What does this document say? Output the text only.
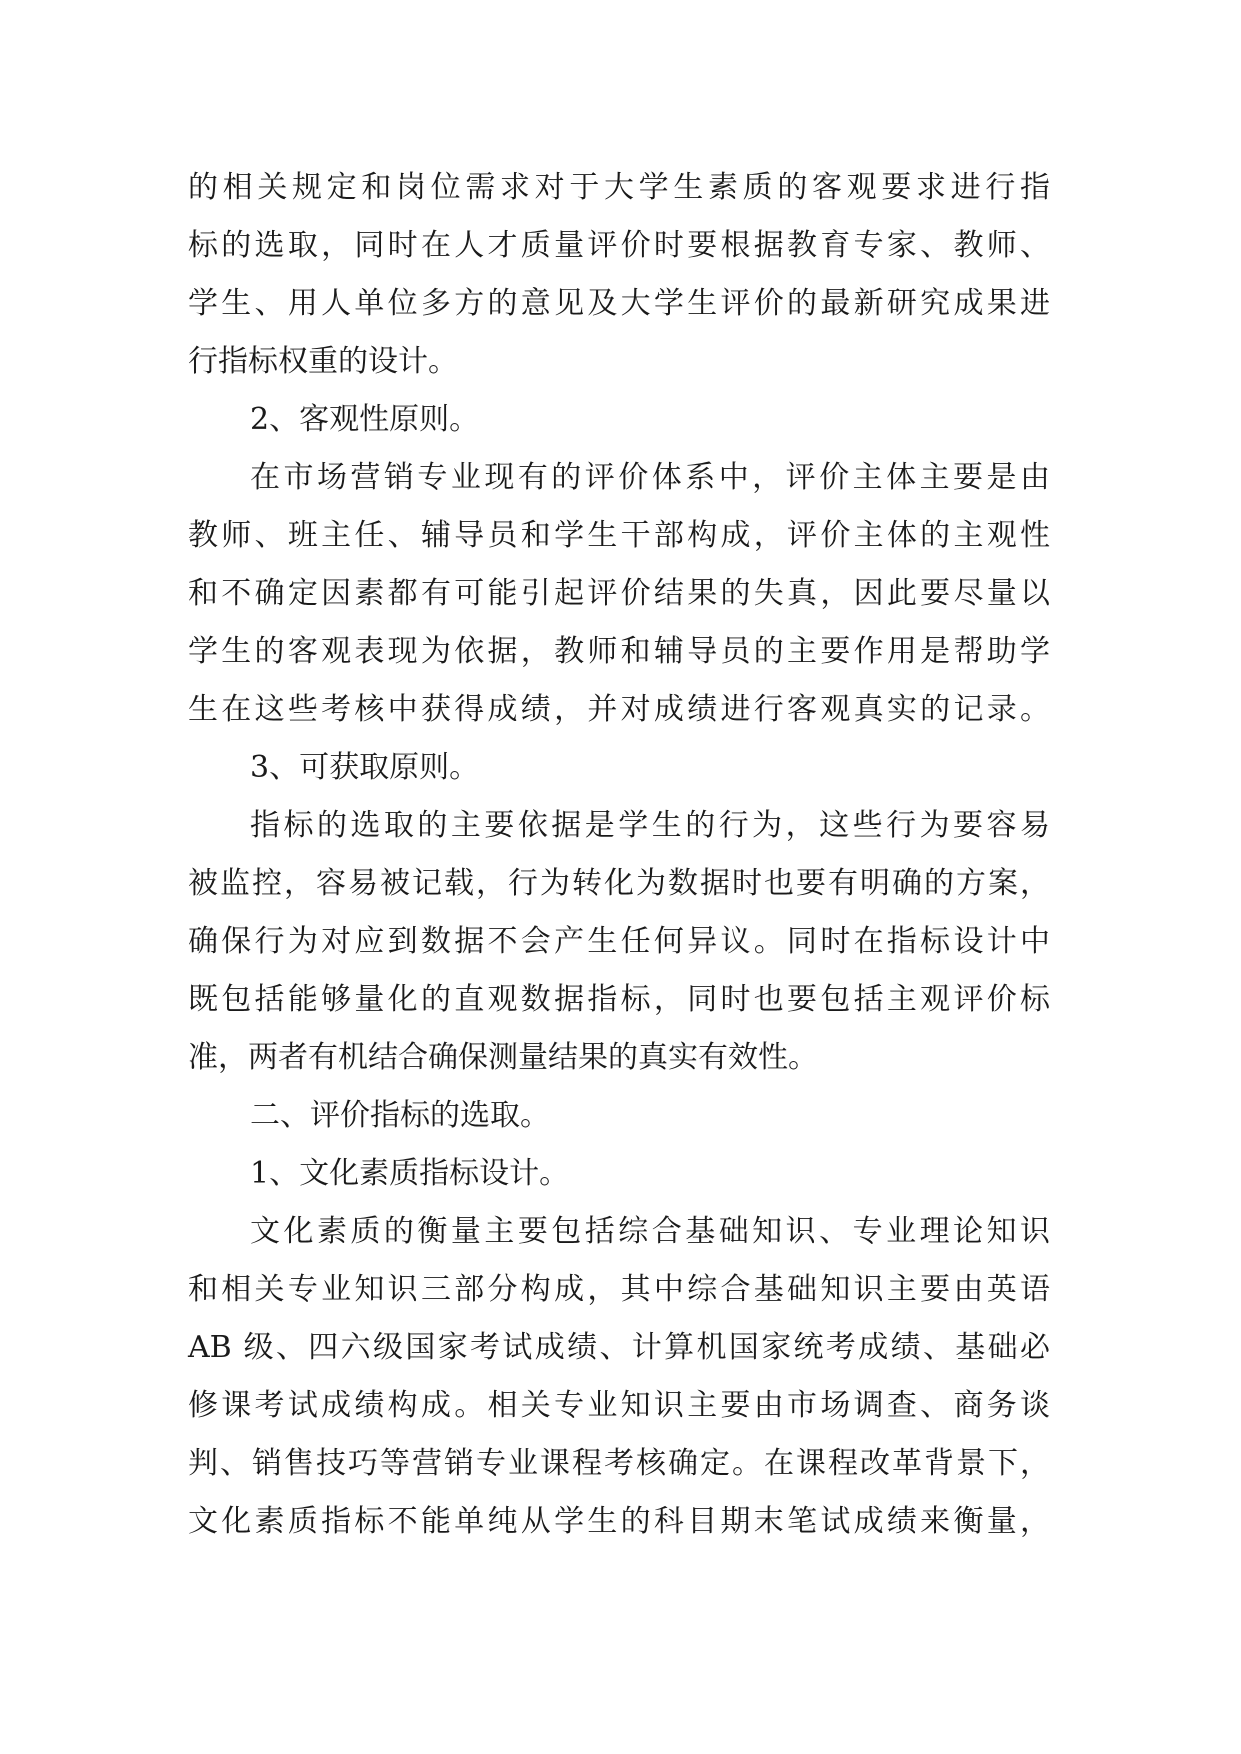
的相关规定和岗位需求对于大学生素质的客观要求进行指
标的选取，同时在人才质量评价时要根据教育专家、教师、
学生、用人单位多方的意见及大学生评价的最新研究成果进
行指标权重的设计。
2、客观性原则。
在市场营销专业现有的评价体系中，评价主体主要是由
教师、班主任、辅导员和学生干部构成，评价主体的主观性
和不确定因素都有可能引起评价结果的失真，因此要尽量以
学生的客观表现为依据，教师和辅导员的主要作用是帮助学
生在这些考核中获得成绩，并对成绩进行客观真实的记录。
3、可获取原则。
指标的选取的主要依据是学生的行为，这些行为要容易
被监控，容易被记载，行为转化为数据时也要有明确的方案，
确保行为对应到数据不会产生任何异议。同时在指标设计中
既包括能够量化的直观数据指标，同时也要包括主观评价标
准，两者有机结合确保测量结果的真实有效性。
二、评价指标的选取。
1、文化素质指标设计。
文化素质的衡量主要包括综合基础知识、专业理论知识
和相关专业知识三部分构成，其中综合基础知识主要由英语
AB 级、四六级国家考试成绩、计算机国家统考成绩、基础必
修课考试成绩构成。相关专业知识主要由市场调查、商务谈
判、销售技巧等营销专业课程考核确定。在课程改革背景下，
文化素质指标不能单纯从学生的科目期末笔试成绩来衡量，
